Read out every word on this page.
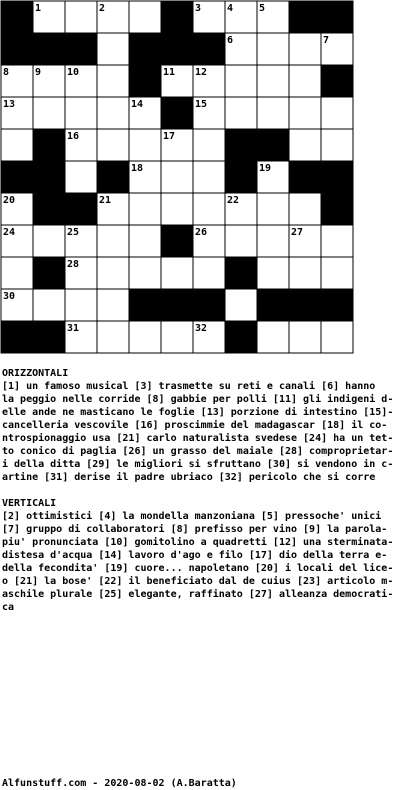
1	2	3	4	5
6	7
8	9	10	11 12
13	14	15
16	17
18	19
20	21	22	23
24	25	26	27
28	29
30
31	32
ORIZZONTALI
[1] un famoso musical [3] trasmette su reti e canali [6] hanno
la peggio nelle corride [8] gabbie per polli [11] gli indigeni d-
elle ande ne masticano le foglie [13] porzione di intestino [15]-
cancelleria vescovile [16] proscimmie del madagascar [18] il co-
ntrospionaggio usa [21] carlo naturalista svedese [24] ha un tet-
to conico di paglia [26] un grasso del maiale [28] comproprietar-
i della ditta [29] le migliori si sfruttano [30] si vendono in c-
artine [31] derise il padre ubriaco [32] pericolo che si corre
VERTICALI
[2] ottimistici [4] la mondella manzoniana [5] pressoche' unici
[7] gruppo di collaboratori [8] prefisso per vino [9] la parola-
piu' pronunciata [10] gomitolino a quadretti [12] una sterminata-
distesa d'acqua [14] lavoro d'ago e filo [17] dio della terra e-
della fecondita' [19] cuore... napoletano [20] i locali del lice-
o [21] la bose' [22] il beneficiato dal de cuius [23] articolo m-
aschile plurale [25] elegante, raffinato [27] alleanza democrati-
ca
Alfunstuff.com - 2020-08-02 (A.Baratta)
